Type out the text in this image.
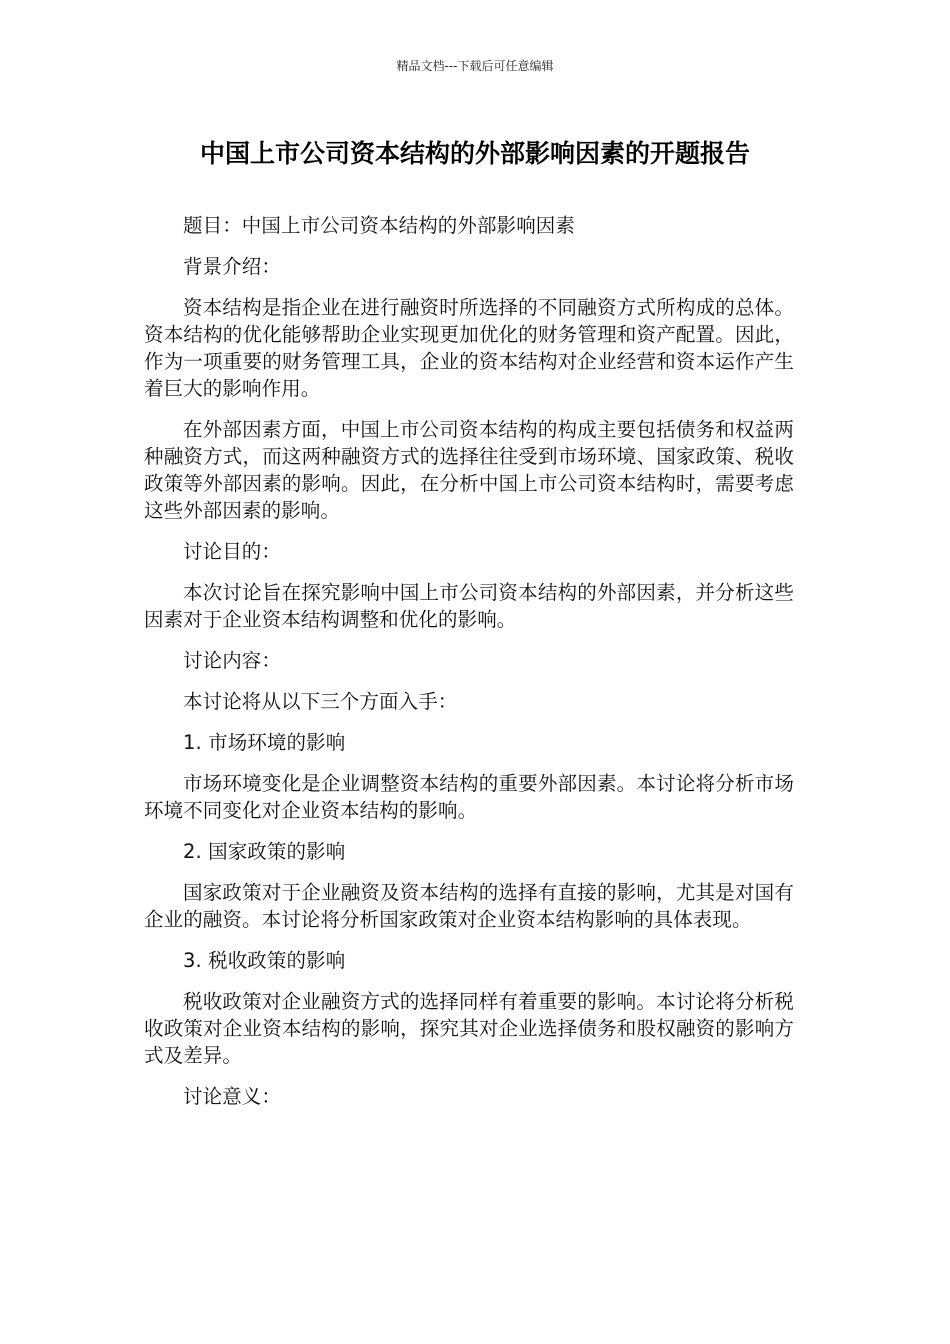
精品文档---下载后可任意编辑
中国上市公司资本结构的外部影响因素的开题报告

题目：中国上市公司资本结构的外部影响因素

背景介绍：

资本结构是指企业在进行融资时所选择的不同融资方式所构成的总体。资本结构的优化能够帮助企业实现更加优化的财务管理和资产配置。因此，作为一项重要的财务管理工具，企业的资本结构对企业经营和资本运作产生着巨大的影响作用。

在外部因素方面，中国上市公司资本结构的构成主要包括债务和权益两种融资方式，而这两种融资方式的选择往往受到市场环境、国家政策、税收政策等外部因素的影响。因此，在分析中国上市公司资本结构时，需要考虑这些外部因素的影响。

讨论目的：

本次讨论旨在探究影响中国上市公司资本结构的外部因素，并分析这些因素对于企业资本结构调整和优化的影响。

讨论内容：

本讨论将从以下三个方面入手：

1. 市场环境的影响

市场环境变化是企业调整资本结构的重要外部因素。本讨论将分析市场环境不同变化对企业资本结构的影响。

2. 国家政策的影响

国家政策对于企业融资及资本结构的选择有直接的影响，尤其是对国有企业的融资。本讨论将分析国家政策对企业资本结构影响的具体表现。

3. 税收政策的影响

税收政策对企业融资方式的选择同样有着重要的影响。本讨论将分析税收政策对企业资本结构的影响，探究其对企业选择债务和股权融资的影响方式及差异。

讨论意义：
